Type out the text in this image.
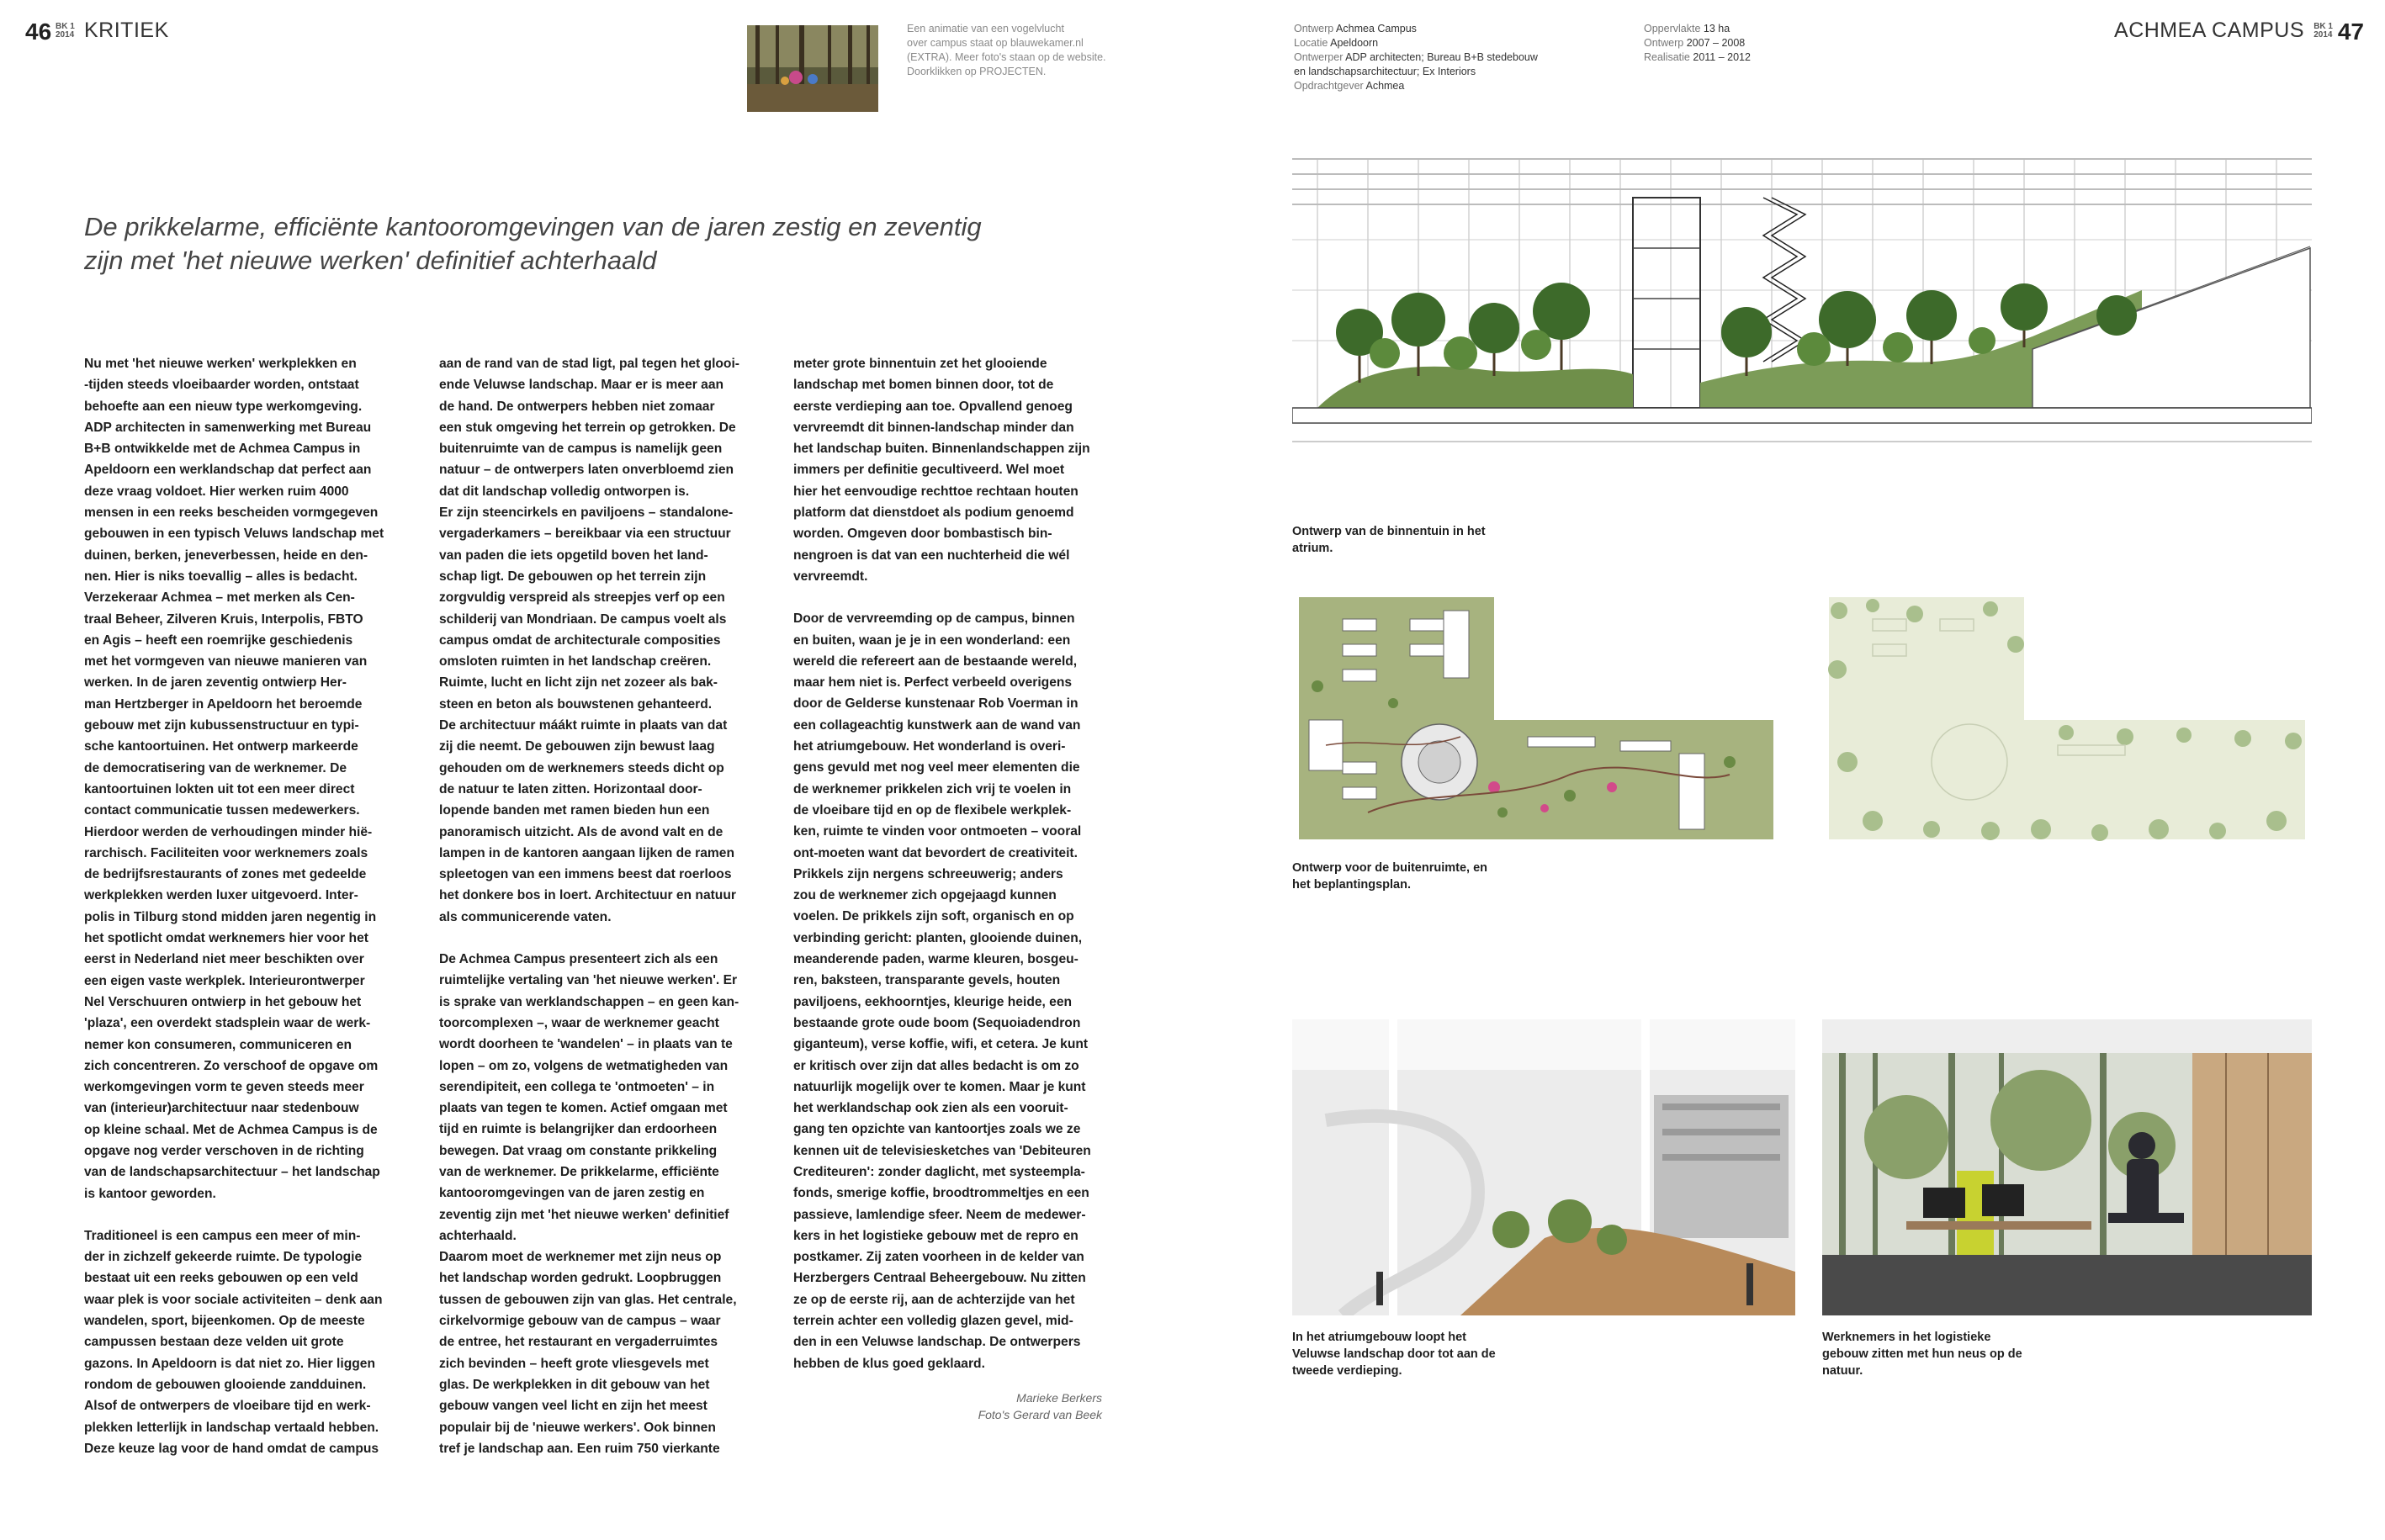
46 BK 1
2014 KRITIEK	Een animatie van een vogelvlucht
over campus staat op blauwekamer.nl
(EXTRA). Meer foto's staan op de website.
Doorklikken op PROJECTEN.
De prikkelarme, efficiënte kantooromgevingen van de jaren zestig en zeventig
zijn met 'het nieuwe werken' definitief achterhaald

Nu met 'het nieuwe werken' werkplekken en
-tijden steeds vloeibaarder worden, ontstaat
behoefte aan een nieuw type werkomgeving.
ADP architecten in samenwerking met Bureau
B+B ontwikkelde met de Achmea Campus in
Apeldoorn een werklandschap dat perfect aan
deze vraag voldoet. Hier werken ruim 4000
mensen in een reeks bescheiden vormgegeven
gebouwen in een typisch Veluws landschap met
duinen, berken, jeneverbessen, heide en den-
nen. Hier is niks toevallig – alles is bedacht.
Verzekeraar Achmea – met merken als Cen-
traal Beheer, Zilveren Kruis, Interpolis, FBTO
en Agis – heeft een roemrijke geschiedenis
met het vormgeven van nieuwe manieren van
werken. In de jaren zeventig ontwierp Her-
man Hertzberger in Apeldoorn het beroemde
gebouw met zijn kubussenstructuur en typi-
sche kantoortuinen. Het ontwerp markeerde
de democratisering van de werknemer. De
kantoortuinen lokten uit tot een meer direct
contact communicatie tussen medewerkers.
Hierdoor werden de verhoudingen minder hië-
rarchisch. Faciliteiten voor werknemers zoals
de bedrijfsrestaurants of zones met gedeelde
werkplekken werden luxer uitgevoerd. Inter-
polis in Tilburg stond midden jaren negentig in
het spotlicht omdat werknemers hier voor het
eerst in Nederland niet meer beschikten over
een eigen vaste werkplek. Interieurontwerper
Nel Verschuuren ontwierp in het gebouw het
'plaza', een overdekt stadsplein waar de werk-
nemer kon consumeren, communiceren en
zich concentreren. Zo verschoof de opgave om
werkomgevingen vorm te geven steeds meer
van (interieur)architectuur naar stedenbouw
op kleine schaal. Met de Achmea Campus is de
opgave nog verder verschoven in de richting
van de landschapsarchitectuur – het landschap
is kantoor geworden.

Traditioneel is een campus een meer of min-
der in zichzelf gekeerde ruimte. De typologie
bestaat uit een reeks gebouwen op een veld
waar plek is voor sociale activiteiten – denk aan
wandelen, sport, bijeenkomen. Op de meeste
campussen bestaan deze velden uit grote
gazons. In Apeldoorn is dat niet zo. Hier liggen
rondom de gebouwen glooiende zandduinen.
Alsof de ontwerpers de vloeibare tijd en werk-
plekken letterlijk in landschap vertaald hebben.
Deze keuze lag voor de hand omdat de campus

aan de rand van de stad ligt, pal tegen het glooi-
ende Veluwse landschap. Maar er is meer aan
de hand. De ontwerpers hebben niet zomaar
een stuk omgeving het terrein op getrokken. De
buitenruimte van de campus is namelijk geen
natuur – de ontwerpers laten onverbloemd zien
dat dit landschap volledig ontworpen is.
Er zijn steencirkels en paviljoens – standalone-
vergaderkamers – bereikbaar via een structuur
van paden die iets opgetild boven het land-
schap ligt. De gebouwen op het terrein zijn
zorgvuldig verspreid als streepjes verf op een
schilderij van Mondriaan. De campus voelt als
campus omdat de architecturale composities
omsloten ruimten in het landschap creëren.
Ruimte, lucht en licht zijn net zozeer als bak-
steen en beton als bouwstenen gehanteerd.
De architectuur máákt ruimte in plaats van dat
zij die neemt. De gebouwen zijn bewust laag
gehouden om de werknemers steeds dicht op
de natuur te laten zitten. Horizontaal door-
lopende banden met ramen bieden hun een
panoramisch uitzicht. Als de avond valt en de
lampen in de kantoren aangaan lijken de ramen
spleetogen van een immens beest dat roerloos
het donkere bos in loert. Architectuur en natuur
als communicerende vaten.

De Achmea Campus presenteert zich als een
ruimtelijke vertaling van 'het nieuwe werken'. Er
is sprake van werklandschappen – en geen kan-
toorcomplexen –, waar de werknemer geacht
wordt doorheen te 'wandelen' – in plaats van te
lopen – om zo, volgens de wetmatigheden van
serendipiteit, een collega te 'ontmoeten' – in
plaats van tegen te komen. Actief omgaan met
tijd en ruimte is belangrijker dan erdoorheen
bewegen. Dat vraag om constante prikkeling
van de werknemer. De prikkelarme, efficiënte
kantooromgevingen van de jaren zestig en
zeventig zijn met 'het nieuwe werken' definitief
achterhaald.
Daarom moet de werknemer met zijn neus op
het landschap worden gedrukt. Loopbruggen
tussen de gebouwen zijn van glas. Het centrale,
cirkelvormige gebouw van de campus – waar
de entree, het restaurant en vergaderruimtes
zich bevinden – heeft grote vliesgevels met
glas. De werkplekken in dit gebouw van het
gebouw vangen veel licht en zijn het meest
populair bij de 'nieuwe werkers'. Ook binnen
tref je landschap aan. Een ruim 750 vierkante

meter grote binnentuin zet het glooiende
landschap met bomen binnen door, tot de
eerste verdieping aan toe. Opvallend genoeg
vervreemdt dit binnen-landschap minder dan
het landschap buiten. Binnenlandschappen zijn
immers per definitie gecultiveerd. Wel moet
hier het eenvoudige rechttoe rechtaan houten
platform dat dienstdoet als podium genoemd
worden. Omgeven door bombastisch bin-
nengroen is dat van een nuchterheid die wél
vervreemdt.

Door de vervreemding op de campus, binnen
en buiten, waan je je in een wonderland: een
wereld die refereert aan de bestaande wereld,
maar hem niet is. Perfect verbeeld overigens
door de Gelderse kunstenaar Rob Voerman in
een collageachtig kunstwerk aan de wand van
het atriumgebouw. Het wonderland is overi-
gens gevuld met nog veel meer elementen die
de werknemer prikkelen zich vrij te voelen in
de vloeibare tijd en op de flexibele werkplek-
ken, ruimte te vinden voor ontmoeten – vooral
ont-moeten want dat bevordert de creativiteit.
Prikkels zijn nergens schreeuwerig; anders
zou de werknemer zich opgejaagd kunnen
voelen. De prikkels zijn soft, organisch en op
verbinding gericht: planten, glooiende duinen,
meanderende paden, warme kleuren, bosgeu-
ren, baksteen, transparante gevels, houten
paviljoens, eekhoorntjes, kleurige heide, een
bestaande grote oude boom (Sequoiadendron
giganteum), verse koffie, wifi, et cetera. Je kunt
er kritisch over zijn dat alles bedacht is om zo
natuurlijk mogelijk over te komen. Maar je kunt
het werklandschap ook zien als een vooruit-
gang ten opzichte van kantoortjes zoals we ze
kennen uit de televisiesketches van 'Debiteuren
Crediteuren': zonder daglicht, met systeempla-
fonds, smerige koffie, broodtrommeltjes en een
passieve, lamlendige sfeer. Neem de medewer-
kers in het logistieke gebouw met de repro en
postkamer. Zij zaten voorheen in de kelder van
Herzbergers Centraal Beheergebouw. Nu zitten
ze op de eerste rij, aan de achterzijde van het
terrein achter een volledig glazen gevel, mid-
den in een Veluwse landschap. De ontwerpers
hebben de klus goed geklaard.

Marieke Berkers
Foto's Gerard van Beek
Ontwerp Achmea Campus
Locatie Apeldoorn
Ontwerper ADP architecten; Bureau B+B stedebouw
en landschapsarchitectuur; Ex Interiors
Opdrachtgever Achmea
Oppervlakte 13 ha
Ontwerp 2007 – 2008
Realisatie 2011 – 2012
ACHMEA CAMPUS BK 1
2014 47
Ontwerp van de binnentuin in het
atrium.
Ontwerp voor de buitenruimte, en
het beplantingsplan.
In het atriumgebouw loopt het
Veluwse landschap door tot aan de
tweede verdieping.
Werknemers in het logistieke
gebouw zitten met hun neus op de
natuur.
